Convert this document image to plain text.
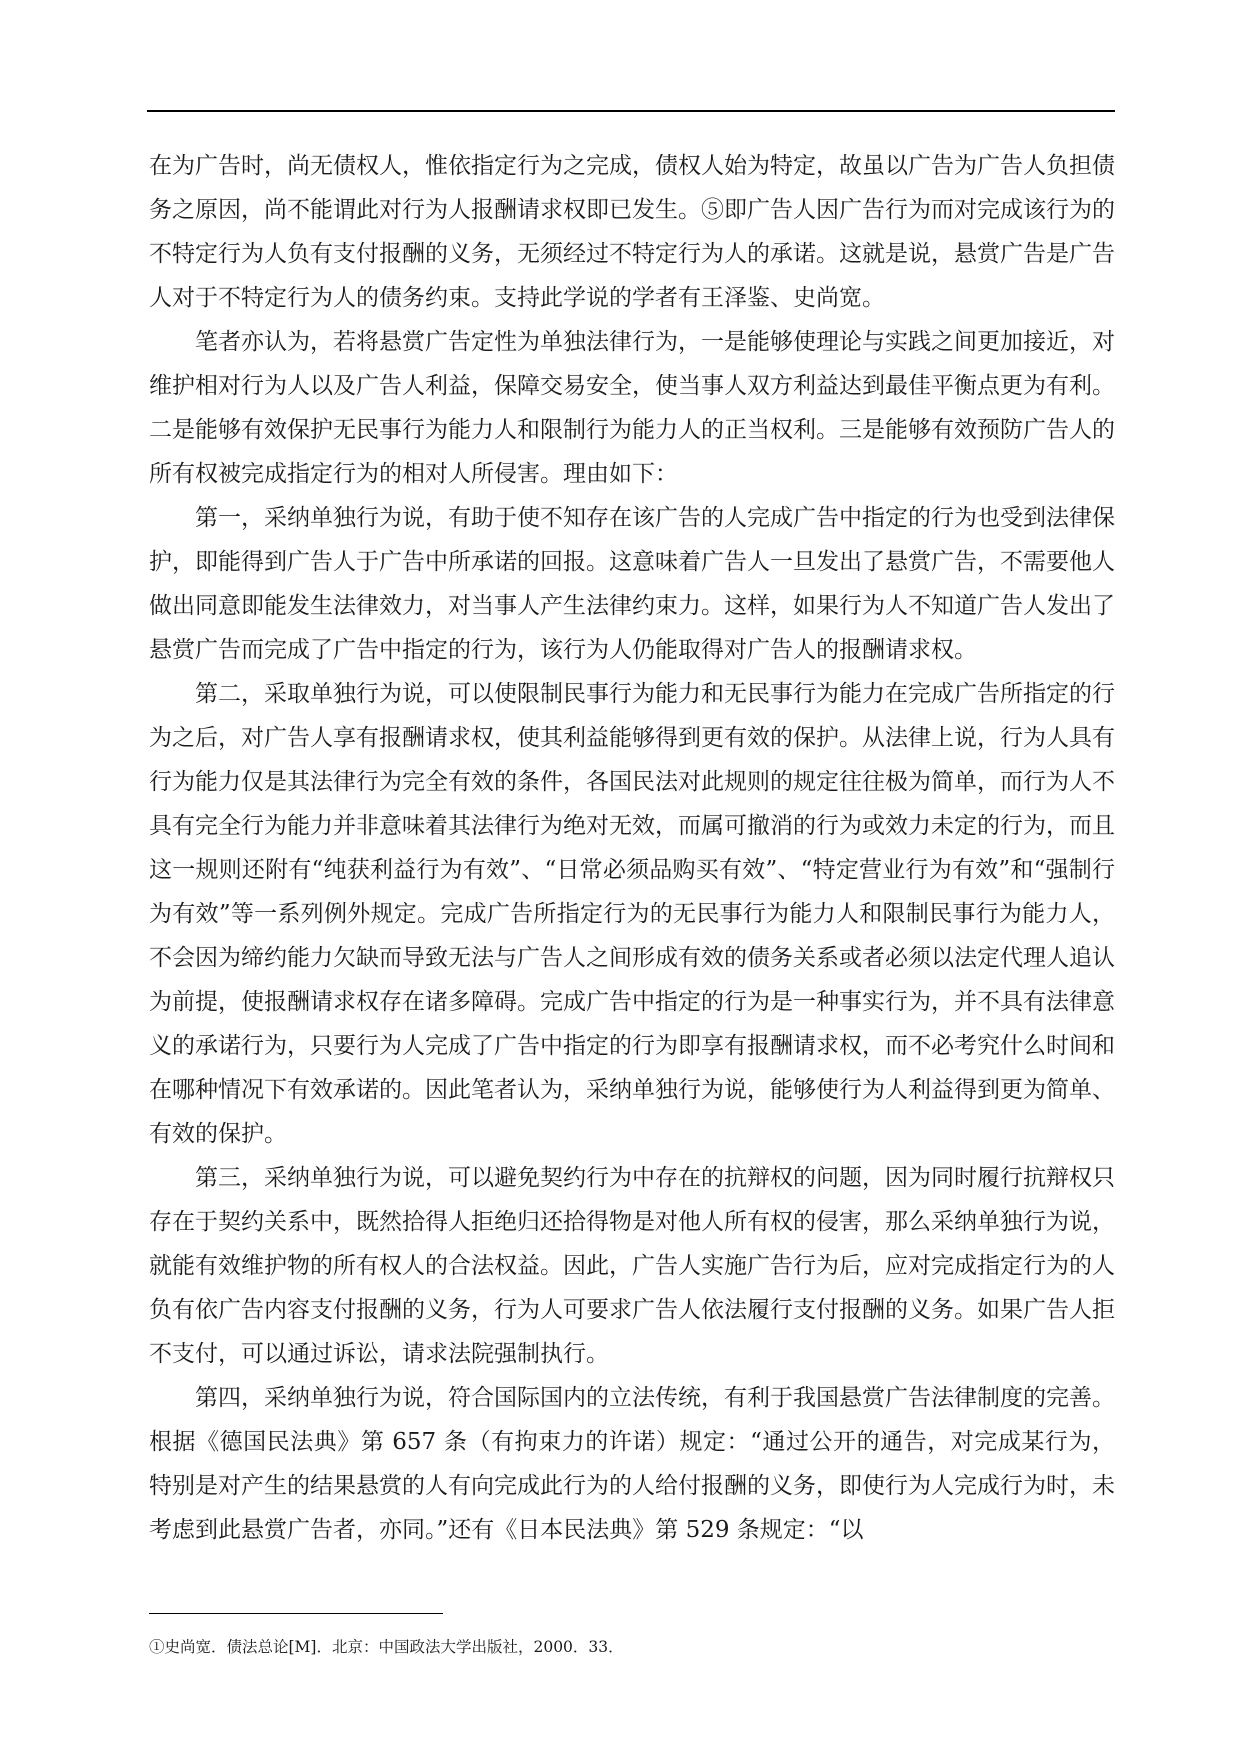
在为广告时，尚无债权人，惟依指定行为之完成，债权人始为特定，故虽以广告为广告人负担债务之原因，尚不能谓此对行为人报酬请求权即已发生。⑤即广告人因广告行为而对完成该行为的不特定行为人负有支付报酬的义务，无须经过不特定行为人的承诺。这就是说，悬赏广告是广告人对于不特定行为人的债务约束。支持此学说的学者有王泽鉴、史尚宽。

笔者亦认为，若将悬赏广告定性为单独法律行为，一是能够使理论与实践之间更加接近，对维护相对行为人以及广告人利益，保障交易安全，使当事人双方利益达到最佳平衡点更为有利。二是能够有效保护无民事行为能力人和限制行为能力人的正当权利。三是能够有效预防广告人的所有权被完成指定行为的相对人所侵害。理由如下：

第一，采纳单独行为说，有助于使不知存在该广告的人完成广告中指定的行为也受到法律保护，即能得到广告人于广告中所承诺的回报。这意味着广告人一旦发出了悬赏广告，不需要他人做出同意即能发生法律效力，对当事人产生法律约束力。这样，如果行为人不知道广告人发出了悬赏广告而完成了广告中指定的行为，该行为人仍能取得对广告人的报酬请求权。

第二，采取单独行为说，可以使限制民事行为能力和无民事行为能力在完成广告所指定的行为之后，对广告人享有报酬请求权，使其利益能够得到更有效的保护。从法律上说，行为人具有行为能力仅是其法律行为完全有效的条件，各国民法对此规则的规定往往极为简单，而行为人不具有完全行为能力并非意味着其法律行为绝对无效，而属可撤消的行为或效力未定的行为，而且这一规则还附有“纯获利益行为有效”、“日常必须品购买有效”、“特定营业行为有效”和“强制行为有效”等一系列例外规定。完成广告所指定行为的无民事行为能力人和限制民事行为能力人，不会因为缔约能力欠缺而导致无法与广告人之间形成有效的债务关系或者必须以法定代理人追认为前提，使报酬请求权存在诸多障碍。完成广告中指定的行为是一种事实行为，并不具有法律意义的承诺行为，只要行为人完成了广告中指定的行为即享有报酬请求权，而不必考究什么时间和在哪种情况下有效承诺的。因此笔者认为，采纳单独行为说，能够使行为人利益得到更为简单、有效的保护。

第三，采纳单独行为说，可以避免契约行为中存在的抗辩权的问题，因为同时履行抗辩权只存在于契约关系中，既然拾得人拒绝归还拾得物是对他人所有权的侵害，那么采纳单独行为说，就能有效维护物的所有权人的合法权益。因此，广告人实施广告行为后，应对完成指定行为的人负有依广告内容支付报酬的义务，行为人可要求广告人依法履行支付报酬的义务。如果广告人拒不支付，可以通过诉讼，请求法院强制执行。

第四，采纳单独行为说，符合国际国内的立法传统，有利于我国悬赏广告法律制度的完善。根据《德国民法典》第 657 条（有拘束力的许诺）规定：“通过公开的通告，对完成某行为，特别是对产生的结果悬赏的人有向完成此行为的人给付报酬的义务，即使行为人完成行为时，未考虑到此悬赏广告者，亦同。”还有《日本民法典》第 529 条规定：“以

①史尚宽．债法总论[M]．北京：中国政法大学出版社，2000．33．
